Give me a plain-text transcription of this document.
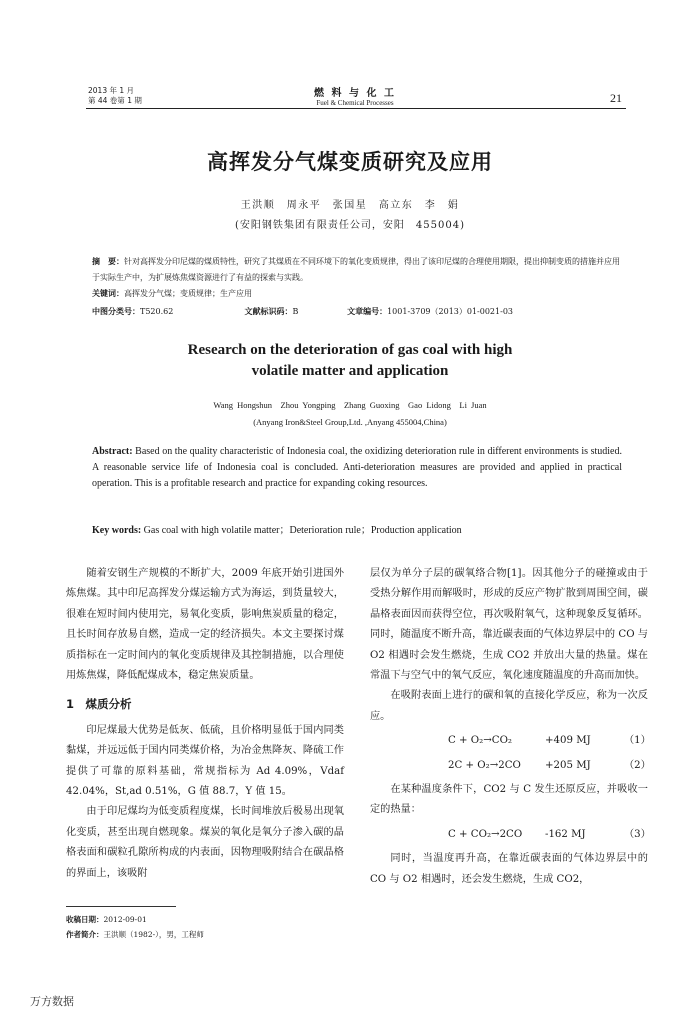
2013 年 1 月
第 44 卷第 1 期
燃 料 与 化 工
Fuel & Chemical Processes	21
高挥发分气煤变质研究及应用
王洪顺　周永平　张国星　高立东　李　娟
(安阳钢铁集团有限责任公司，安阳　455004)
摘　要：针对高挥发分印尼煤的煤质特性，研究了其煤质在不同环境下的氧化变质规律，得出了该印尼煤的合理使用期限，提出抑制变质的措施并应用于实际生产中，为扩展炼焦煤资源进行了有益的探索与实践。
关键词：高挥发分气煤；变质规律；生产应用
中图分类号：T520.62	文献标识码：B	文章编号：1001-3709（2013）01-0021-03
Research on the deterioration of gas coal with high
volatile matter and application
Wang Hongshun　Zhou Yongping　Zhang Guoxing　Gao Lidong　Li Juan
(Anyang Iron&Steel Group,Ltd. ,Anyang 455004,China)
Abstract: Based on the quality characteristic of Indonesia coal, the oxidizing deterioration rule in different environments is studied. A reasonable service life of Indonesia coal is concluded. Anti-deterioration measures are provided and applied in practical operation. This is a profitable research and practice for expanding coking resources.
Key words: Gas coal with high volatile matter；Deterioration rule；Production application

随着安钢生产规模的不断扩大，2009 年底开始引进国外炼焦煤。其中印尼高挥发分煤运输方式为海运，到货量较大，很难在短时间内使用完，易氧化变质，影响焦炭质量的稳定，且长时间存放易自燃，造成一定的经济损失。本文主要探讨煤质指标在一定时间内的氧化变质规律及其控制措施，以合理使用炼焦煤，降低配煤成本，稳定焦炭质量。

1　煤质分析

印尼煤最大优势是低灰、低硫，且价格明显低于国内同类黏煤，并远远低于国内同类煤价格，为冶金焦降灰、降硫工作提供了可靠的原料基础，常规指标为 Ad 4.09%，Vdaf 42.04%，St,ad 0.51%，G 值 88.7，Y 值 15。

由于印尼煤均为低变质程度煤，长时间堆放后极易出现氧化变质，甚至出现自燃现象。煤炭的氧化是氧分子渗入碳的晶格表面和碳粒孔隙所构成的内表面，因物理吸附结合在碳晶格的界面上，该吸附

层仅为单分子层的碳氧络合物[1]。因其他分子的碰撞或由于受热分解作用而解吸时，形成的反应产物扩散到周围空间，碳晶格表面因而获得空位，再次吸附氧气，这种现象反复循环。同时，随温度不断升高，靠近碳表面的气体边界层中的 CO 与 O2 相遇时会发生燃烧，生成 CO2 并放出大量的热量。煤在常温下与空气中的氧气反应，氧化速度随温度的升高而加快。

在吸附表面上进行的碳和氧的直接化学反应，称为一次反应。

C + O₂→CO₂	+409 MJ	（1）
2C + O₂→2CO	+205 MJ	（2）

在某种温度条件下，CO2 与 C 发生还原反应，并吸收一定的热量：

C + CO₂→2CO	-162 MJ	（3）

同时，当温度再升高，在靠近碳表面的气体边界层中的 CO 与 O2 相遇时，还会发生燃烧，生成 CO2，

收稿日期：2012-09-01
作者简介：王洪顺（1982-），男，工程师
万方数据
